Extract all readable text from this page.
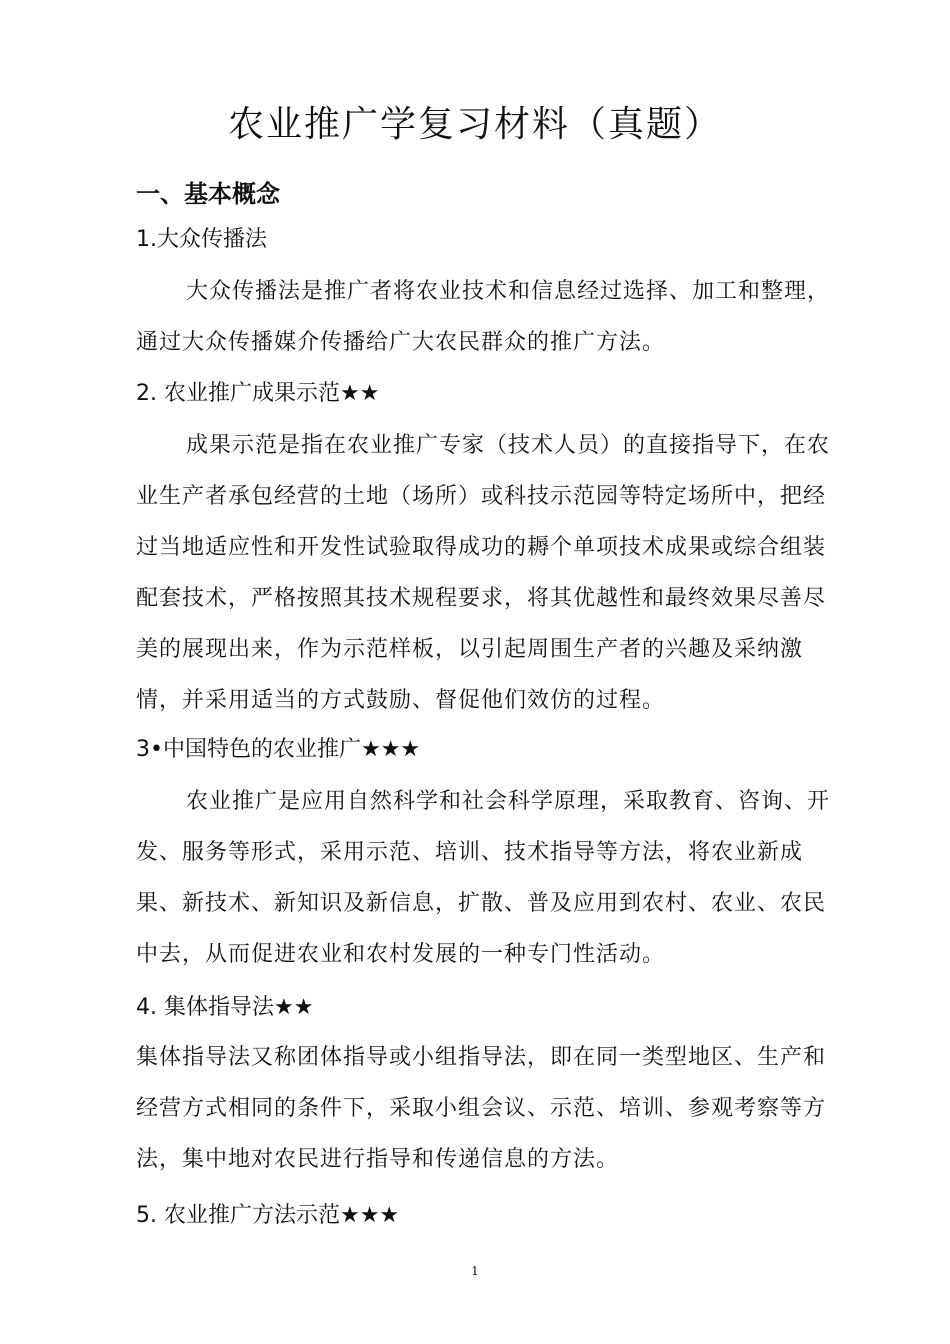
农业推广学复习材料（真题）
一、基本概念
1.大众传播法
大众传播法是推广者将农业技术和信息经过选择、加工和整理，通过大众传播媒介传播给广大农民群众的推广方法。
2. 农业推广成果示范★★
成果示范是指在农业推广专家（技术人员）的直接指导下，在农业生产者承包经营的土地（场所）或科技示范园等特定场所中，把经过当地适应性和开发性试验取得成功的耨个单项技术成果或综合组装配套技术，严格按照其技术规程要求，将其优越性和最终效果尽善尽美的展现出来，作为示范样板，以引起周围生产者的兴趣及采纳激情，并采用适当的方式鼓励、督促他们效仿的过程。
3•中国特色的农业推广★★★
农业推广是应用自然科学和社会科学原理，采取教育、咨询、开发、服务等形式，采用示范、培训、技术指导等方法，将农业新成果、新技术、新知识及新信息，扩散、普及应用到农村、农业、农民中去，从而促进农业和农村发展的一种专门性活动。
4. 集体指导法★★
集体指导法又称团体指导或小组指导法，即在同一类型地区、生产和经营方式相同的条件下，采取小组会议、示范、培训、参观考察等方法，集中地对农民进行指导和传递信息的方法。
5. 农业推广方法示范★★★
1
